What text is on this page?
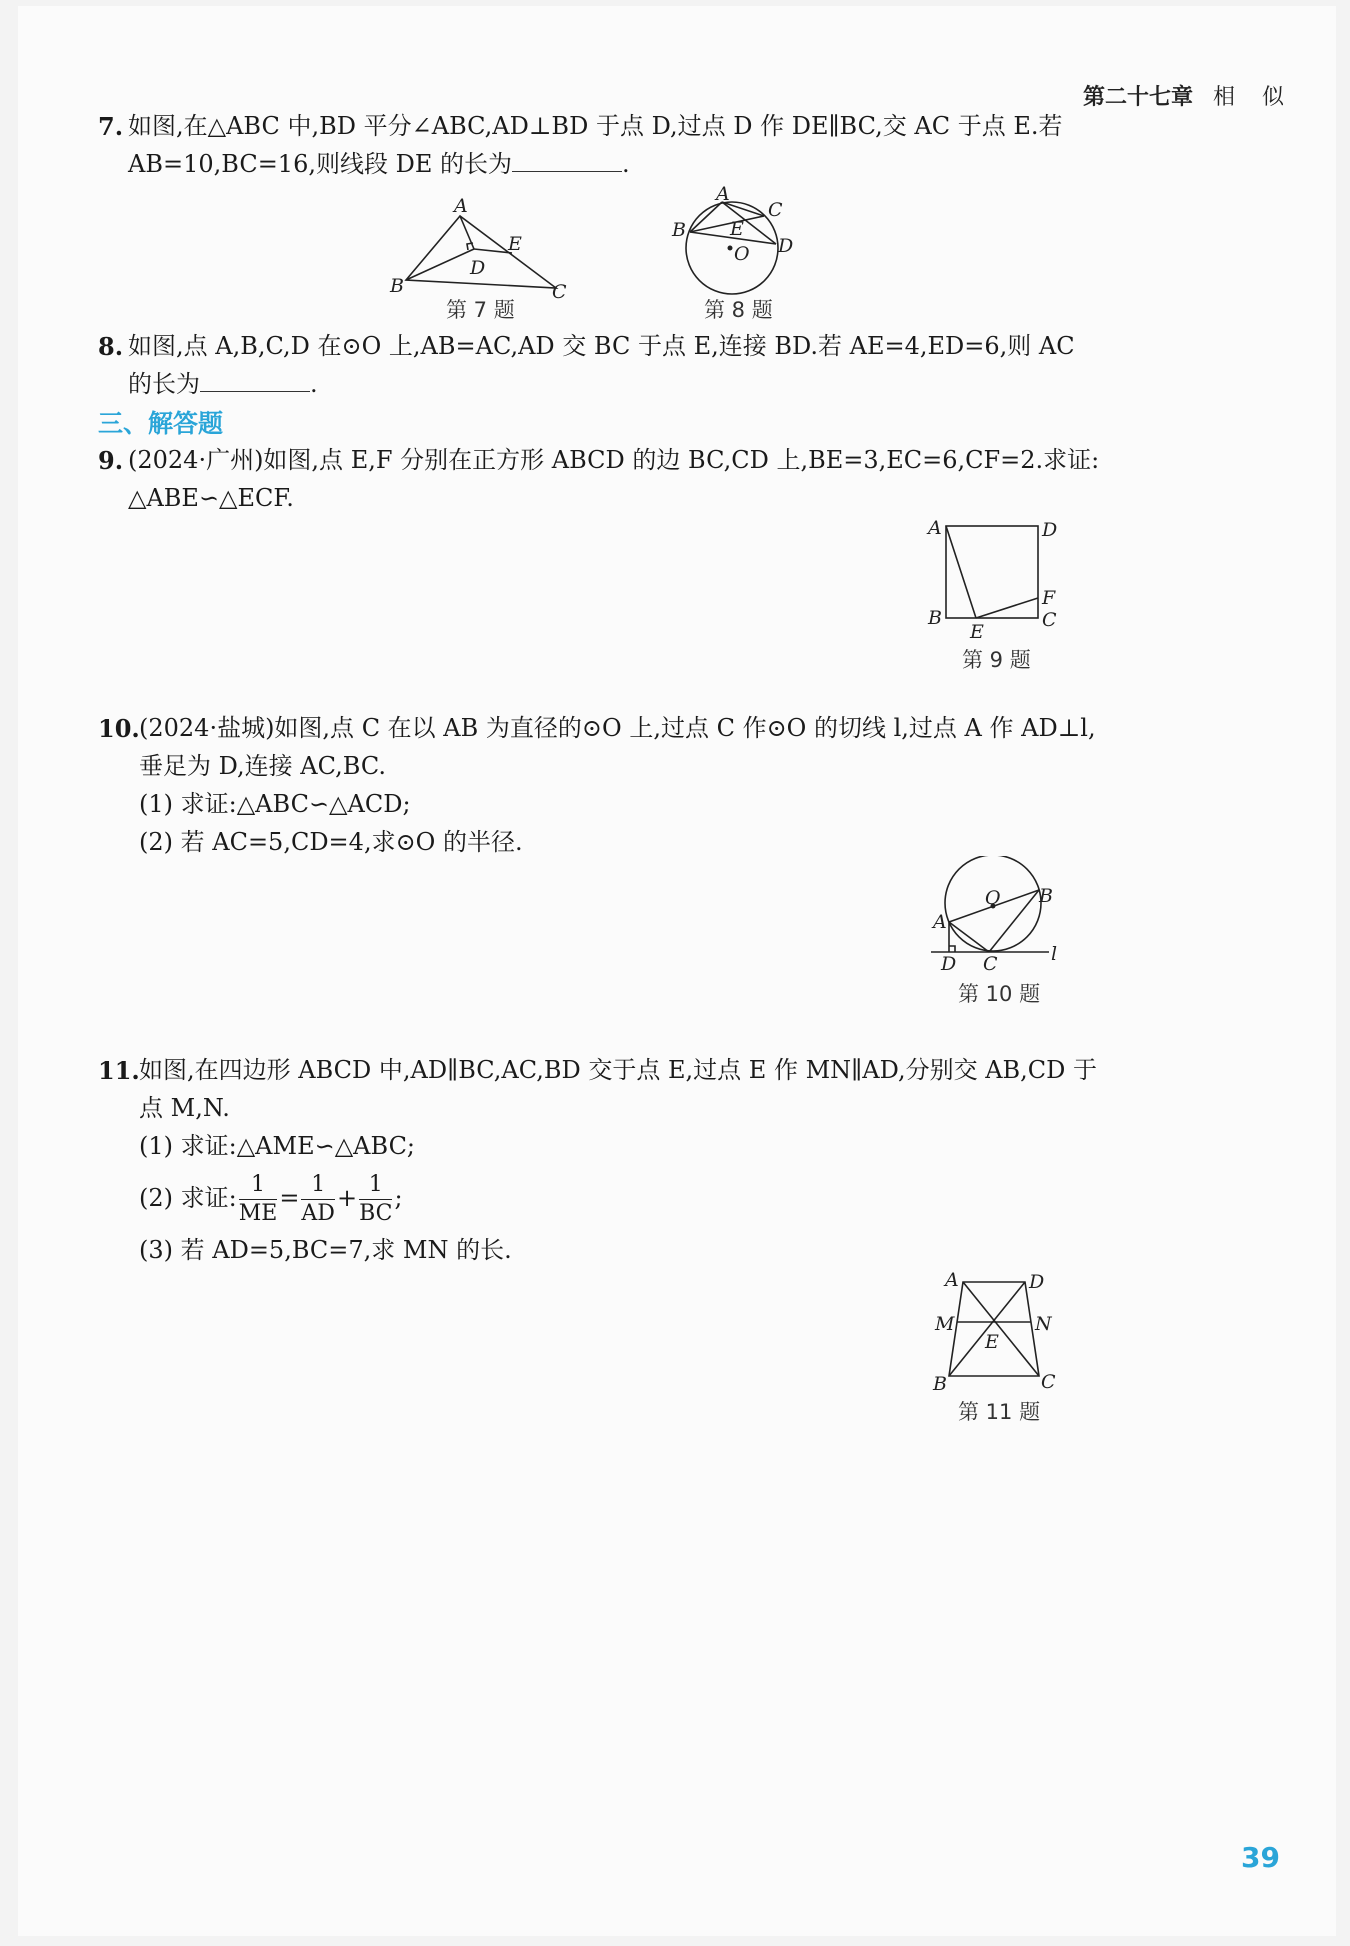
第二十七章 相 似
7. 如图,在△ABC 中,BD 平分∠ABC,AD⊥BD 于点 D,过点 D 作 DE∥BC,交 AC 于点 E.若
AB=10,BC=16,则线段 DE 的长为	.
A
B	C
D
E
第 7 题
A
B
C
D
E
O
第 8 题
8. 如图,点 A,B,C,D 在⊙O 上,AB=AC,AD 交 BC 于点 E,连接 BD.若 AE=4,ED=6,则 AC
的长为	.
三、解答题
9. (2024·广州)如图,点 E,F 分别在正方形 ABCD 的边 BC,CD 上,BE=3,EC=6,CF=2.求证:
△ABE∽△ECF.
A
B	C
D
E
F
第 9 题
10. (2024·盐城)如图,点 C 在以 AB 为直径的⊙O 上,过点 C 作⊙O 的切线 l,过点 A 作 AD⊥l,
垂足为 D,连接 AC,BC.
(1) 求证:△ABC∽△ACD;
(2) 若 AC=5,CD=4,求⊙O 的半径.
A
B
C
D
O
l
第 10 题
11. 如图,在四边形 ABCD 中,AD∥BC,AC,BD 交于点 E,过点 E 作 MN∥AD,分别交 AB,CD 于
点 M,N.
(1) 求证:△AME∽△ABC;
(2) 求证: $\frac{1}{ME} = \frac{1}{AD} + \frac{1}{BC}$ ;
(3) 若 AD=5,BC=7,求 MN 的长.
A
B	C
D
E
M	N
第 11 题
39
